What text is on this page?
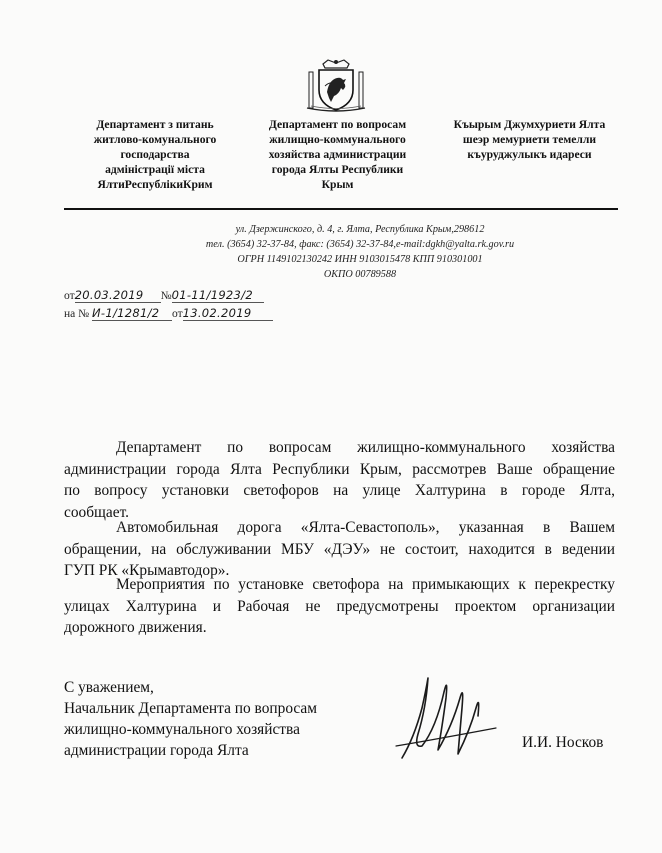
Департамент з питань
житлово-комунального
господарства
адміністрації міста
ЯлтиРеспублікиКрим
Департамент по вопросам
жилищно-коммунального
хозяйства администрации
города Ялты Республики
Крым
Къырым Джумхуриети Ялта
шеэр мемуриети темелли
къуруджулыкъ идареси
ул. Дзержинского, д. 4, г. Ялта, Республика Крым,298612
тел. (3654) 32-37-84, факс: (3654) 32-37-84,e-mail:dgkh@yalta.rk.gov.ru
ОГРН 1149102130242 ИНН 9103015478 КПП 910301001
ОКПО 00789588
от20.03.2019 №01-11/1923/2
на № И-1/1281/2 от13.02.2019
Департамент по вопросам жилищно-коммунального хозяйства
администрации города Ялта Республики Крым, рассмотрев Ваше обращение
по вопросу установки светофоров на улице Халтурина в городе Ялта,
сообщает.
Автомобильная дорога «Ялта-Севастополь», указанная в Вашем
обращении, на обслуживании МБУ «ДЭУ» не состоит, находится в ведении
ГУП РК «Крымавтодор».
Мероприятия по установке светофора на примыкающих к перекрестку
улицах Халтурина и Рабочая не предусмотрены проектом организации
дорожного движения.
С уважением,
Начальник Департамента по вопросам
жилищно-коммунального хозяйства
администрации города Ялта	И.И. Носков
